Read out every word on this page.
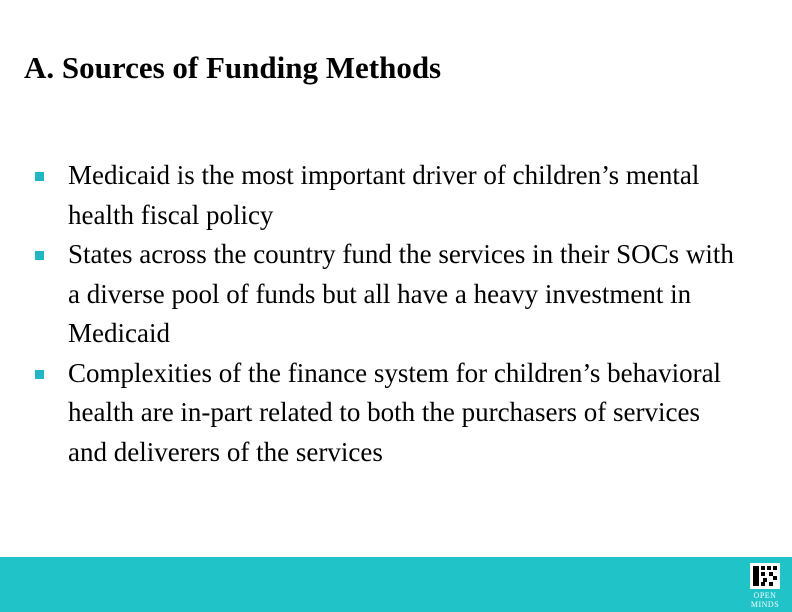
A. Sources of Funding Methods
Medicaid is the most important driver of children’s mental health fiscal policy
States across the country fund the services in their SOCs with a diverse pool of funds but all have a heavy investment in Medicaid
Complexities of the finance system for children’s behavioral health are in-part related to both the purchasers of services and deliverers of the services
OPEN
MINDS
